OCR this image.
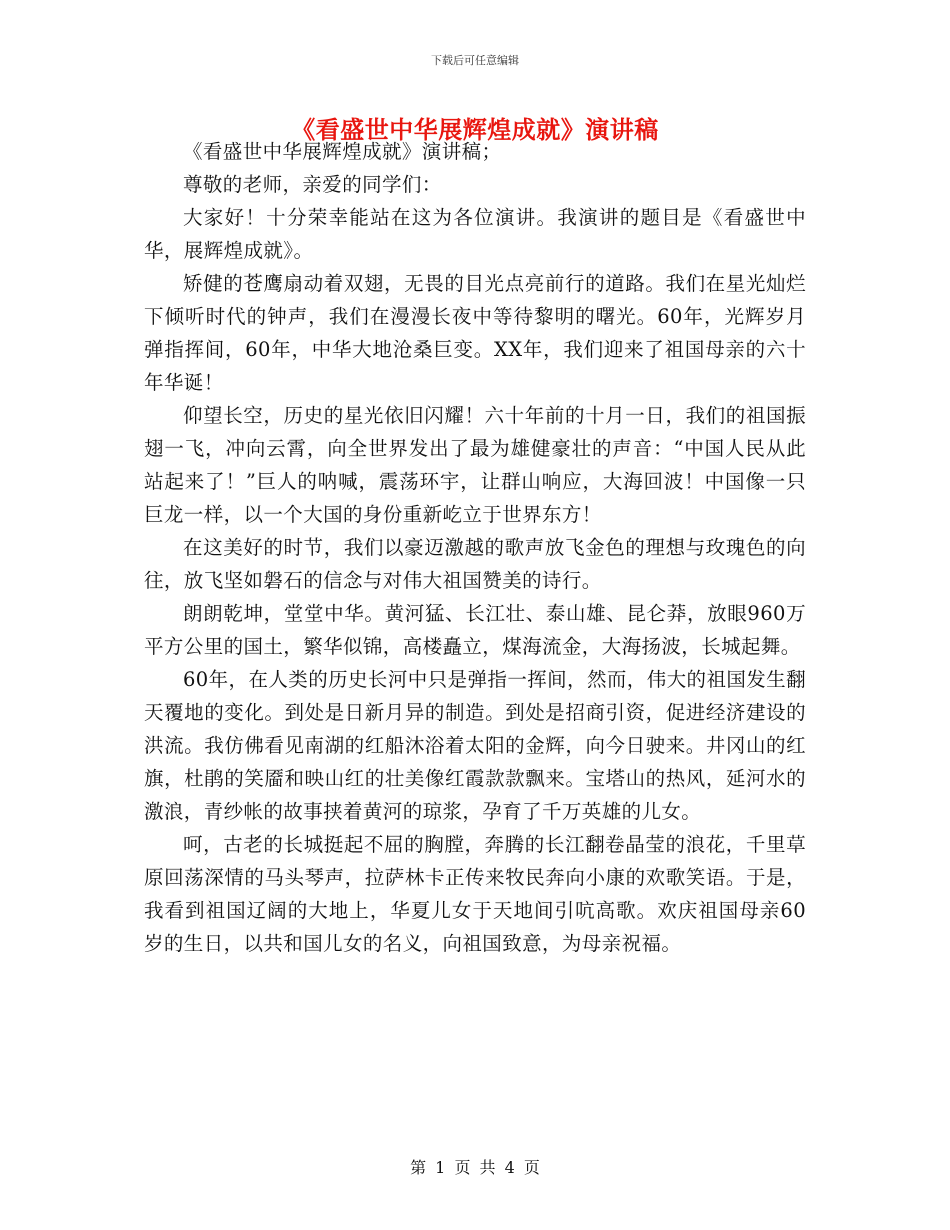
下载后可任意编辑
《看盛世中华展辉煌成就》演讲稿

《看盛世中华展辉煌成就》演讲稿；

尊敬的老师，亲爱的同学们：

大家好！十分荣幸能站在这为各位演讲。我演讲的题目是《看盛世中华，展辉煌成就》。

矫健的苍鹰扇动着双翅，无畏的目光点亮前行的道路。我们在星光灿烂下倾听时代的钟声，我们在漫漫长夜中等待黎明的曙光。60年，光辉岁月弹指挥间，60年，中华大地沧桑巨变。XX年，我们迎来了祖国母亲的六十年华诞！

仰望长空，历史的星光依旧闪耀！六十年前的十月一日，我们的祖国振翅一飞，冲向云霄，向全世界发出了最为雄健豪壮的声音：“中国人民从此站起来了！”巨人的呐喊，震荡环宇，让群山响应，大海回波！中国像一只巨龙一样，以一个大国的身份重新屹立于世界东方！

在这美好的时节，我们以豪迈激越的歌声放飞金色的理想与玫瑰色的向往，放飞坚如磐石的信念与对伟大祖国赞美的诗行。

朗朗乾坤，堂堂中华。黄河猛、长江壮、泰山雄、昆仑莽，放眼960万平方公里的国土，繁华似锦，高楼矗立，煤海流金，大海扬波，长城起舞。

60年，在人类的历史长河中只是弹指一挥间，然而，伟大的祖国发生翻天覆地的变化。到处是日新月异的制造。到处是招商引资，促进经济建设的洪流。我仿佛看见南湖的红船沐浴着太阳的金辉，向今日驶来。井冈山的红旗，杜鹃的笑靥和映山红的壮美像红霞款款飘来。宝塔山的热风，延河水的激浪，青纱帐的故事挟着黄河的琼浆，孕育了千万英雄的儿女。

呵，古老的长城挺起不屈的胸膛，奔腾的长江翻卷晶莹的浪花，千里草原回荡深情的马头琴声，拉萨林卡正传来牧民奔向小康的欢歌笑语。于是，我看到祖国辽阔的大地上，华夏儿女于天地间引吭高歌。欢庆祖国母亲60岁的生日，以共和国儿女的名义，向祖国致意，为母亲祝福。

第 1 页 共 4 页
